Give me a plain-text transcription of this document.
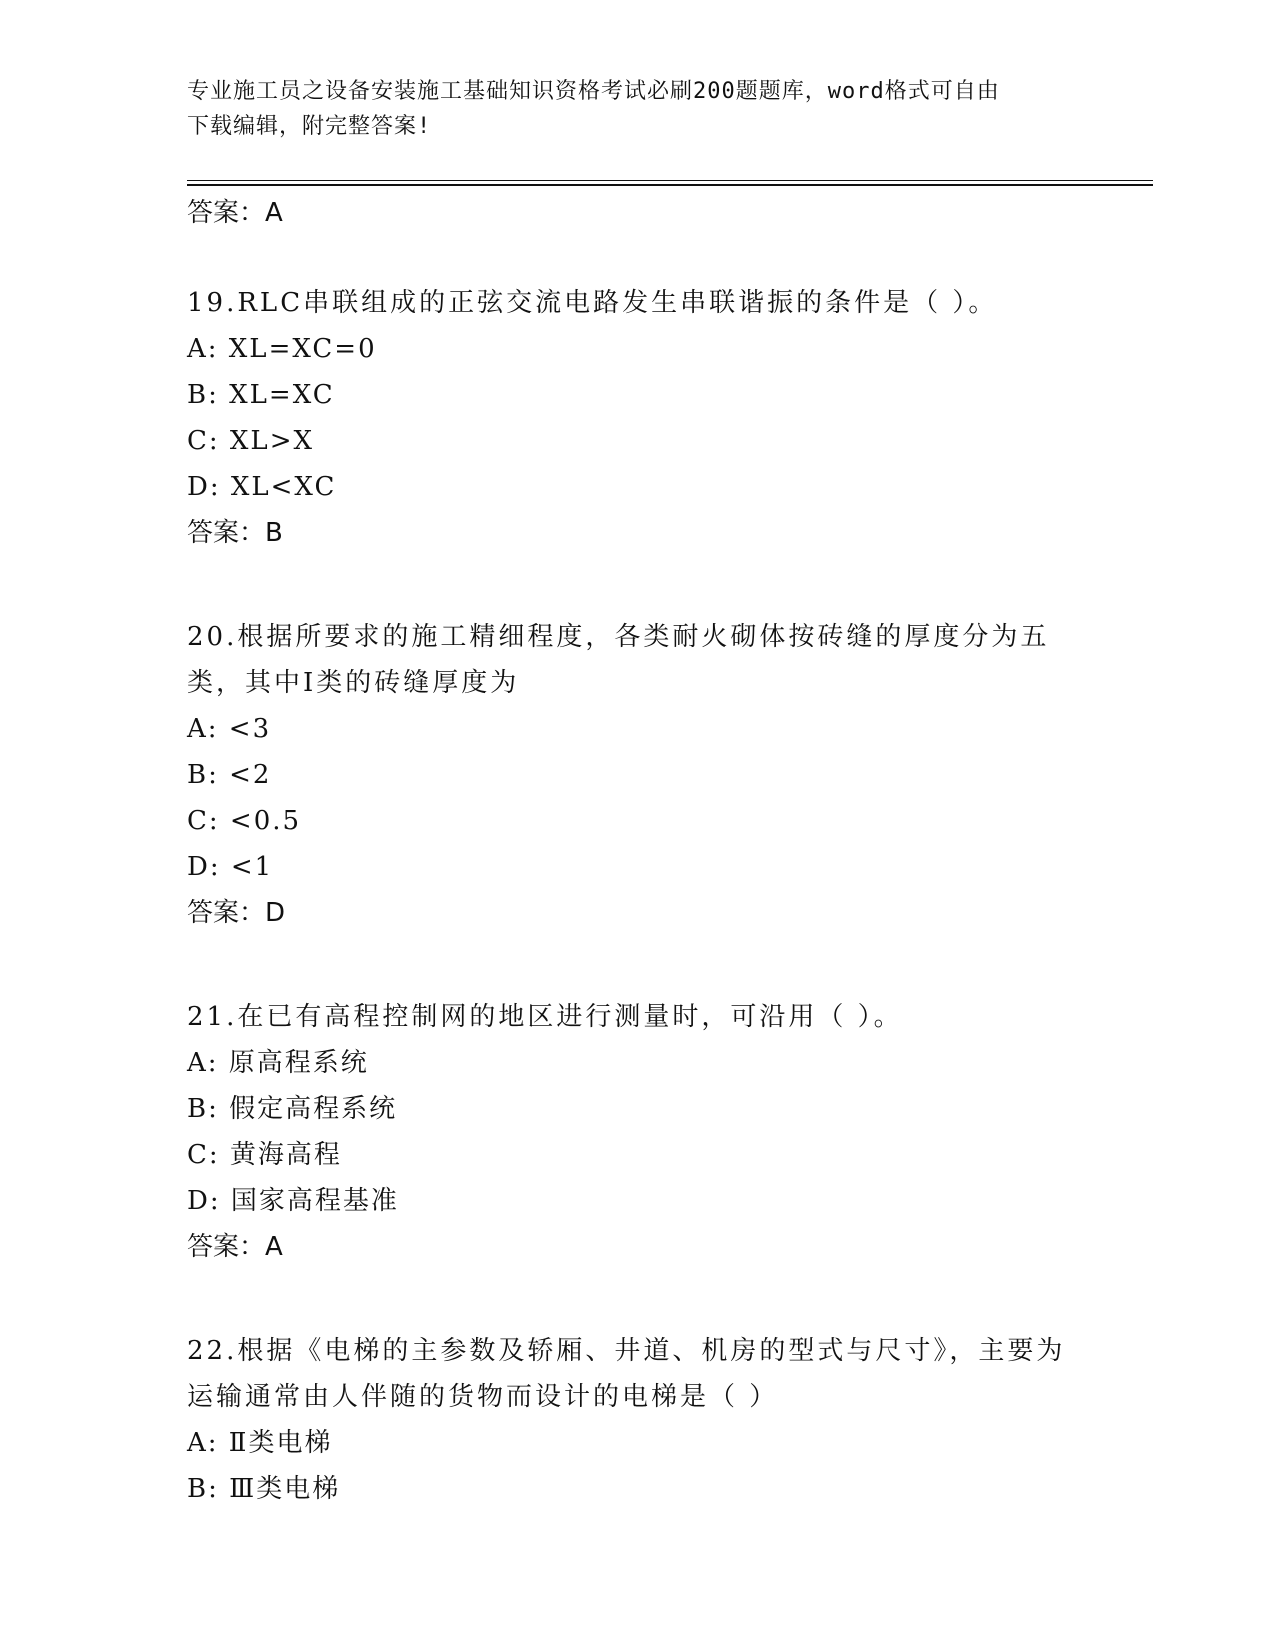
专业施工员之设备安装施工基础知识资格考试必刷200题题库，word格式可自由
下载编辑，附完整答案!
答案：A
19.RLC串联组成的正弦交流电路发生串联谐振的条件是（ ）。
A: XL=XC=0
B: XL=XC
C: XL>X
D: XL<XC
答案：B
20.根据所要求的施工精细程度，各类耐火砌体按砖缝的厚度分为五类，其中Ⅰ类的砖缝厚度为
A: <3
B: <2
C: <0.5
D: <1
答案：D
21.在已有高程控制网的地区进行测量时，可沿用（ ）。
A: 原高程系统
B: 假定高程系统
C: 黄海高程
D: 国家高程基准
答案：A
22.根据《电梯的主参数及轿厢、井道、机房的型式与尺寸》，主要为运输通常由人伴随的货物而设计的电梯是（ ）
A: Ⅱ类电梯
B: Ⅲ类电梯
